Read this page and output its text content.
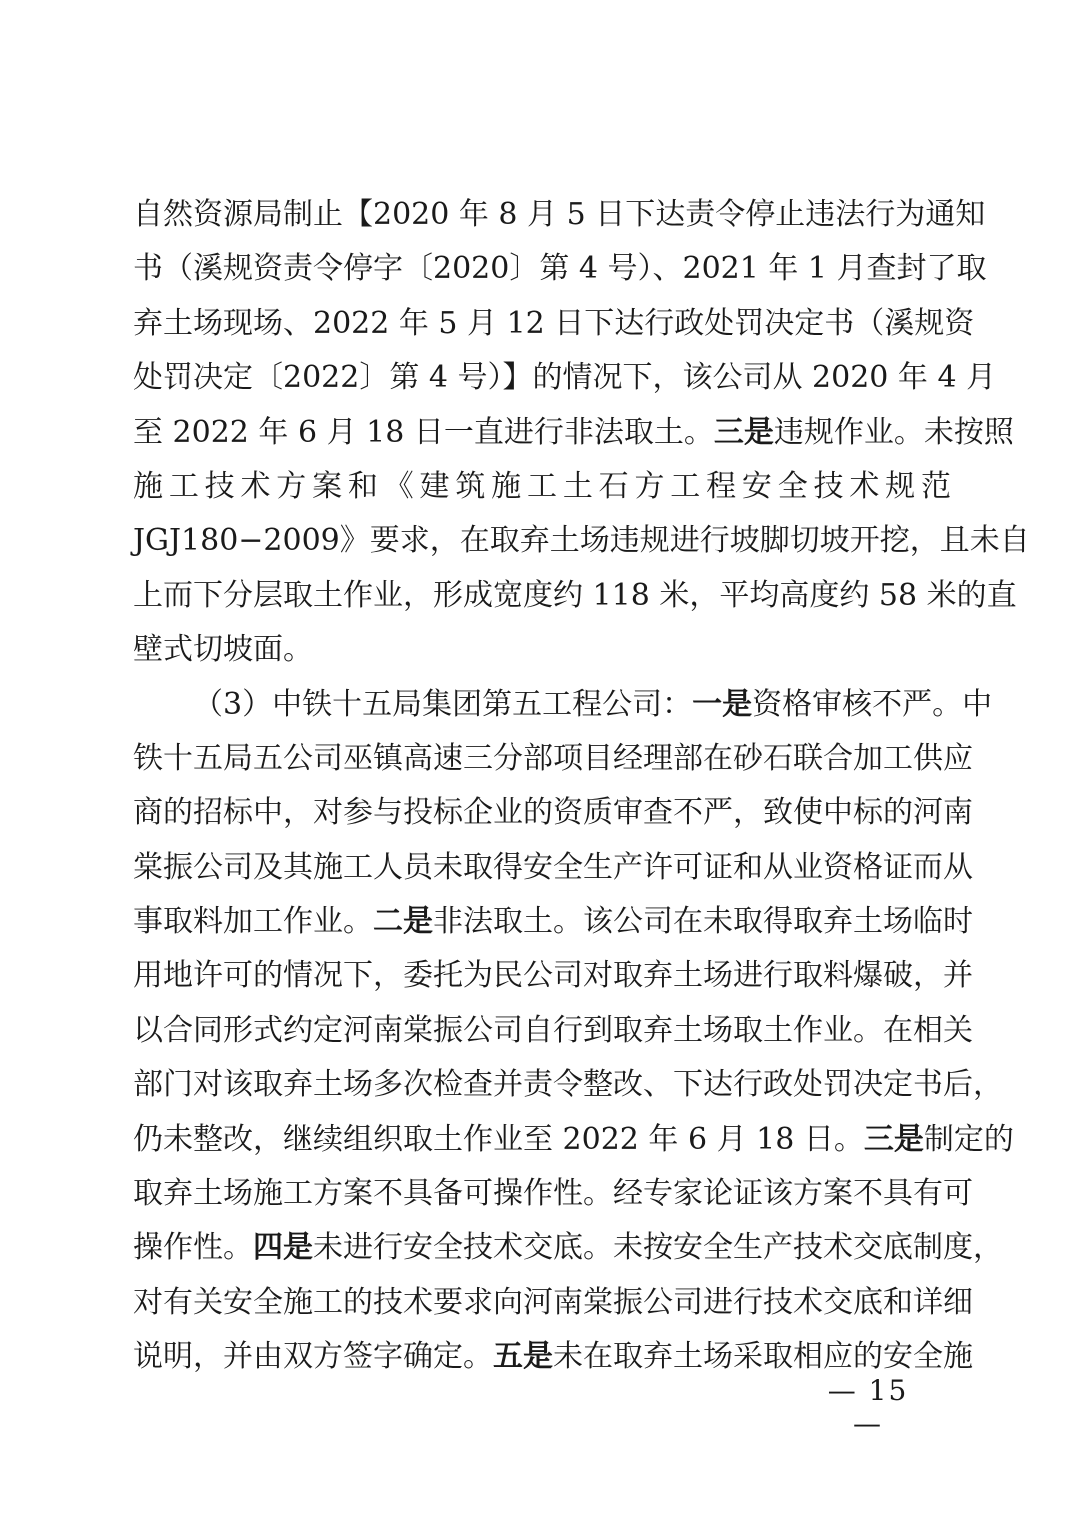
自然资源局制止【2020 年 8 月 5 日下达责令停止违法行为通知
书（溪规资责令停字〔2020〕第 4 号）、2021 年 1 月查封了取
弃土场现场、2022 年 5 月 12 日下达行政处罚决定书（溪规资
处罚决定〔2022〕第 4 号）】的情况下，该公司从 2020 年 4 月
至 2022 年 6 月 18 日一直进行非法取土。三是违规作业。未按照
施工技术方案和《建筑施工土石方工程安全技术规范
JGJ180−2009》要求，在取弃土场违规进行坡脚切坡开挖，且未自
上而下分层取土作业，形成宽度约 118 米，平均高度约 58 米的直
壁式切坡面。
（3）中铁十五局集团第五工程公司：一是资格审核不严。中
铁十五局五公司巫镇高速三分部项目经理部在砂石联合加工供应
商的招标中，对参与投标企业的资质审查不严，致使中标的河南
棠振公司及其施工人员未取得安全生产许可证和从业资格证而从
事取料加工作业。二是非法取土。该公司在未取得取弃土场临时
用地许可的情况下，委托为民公司对取弃土场进行取料爆破，并
以合同形式约定河南棠振公司自行到取弃土场取土作业。在相关
部门对该取弃土场多次检查并责令整改、下达行政处罚决定书后，
仍未整改，继续组织取土作业至 2022 年 6 月 18 日。三是制定的
取弃土场施工方案不具备可操作性。经专家论证该方案不具有可
操作性。四是未进行安全技术交底。未按安全生产技术交底制度，
对有关安全施工的技术要求向河南棠振公司进行技术交底和详细
说明，并由双方签字确定。五是未在取弃土场采取相应的安全施
— 15 —
